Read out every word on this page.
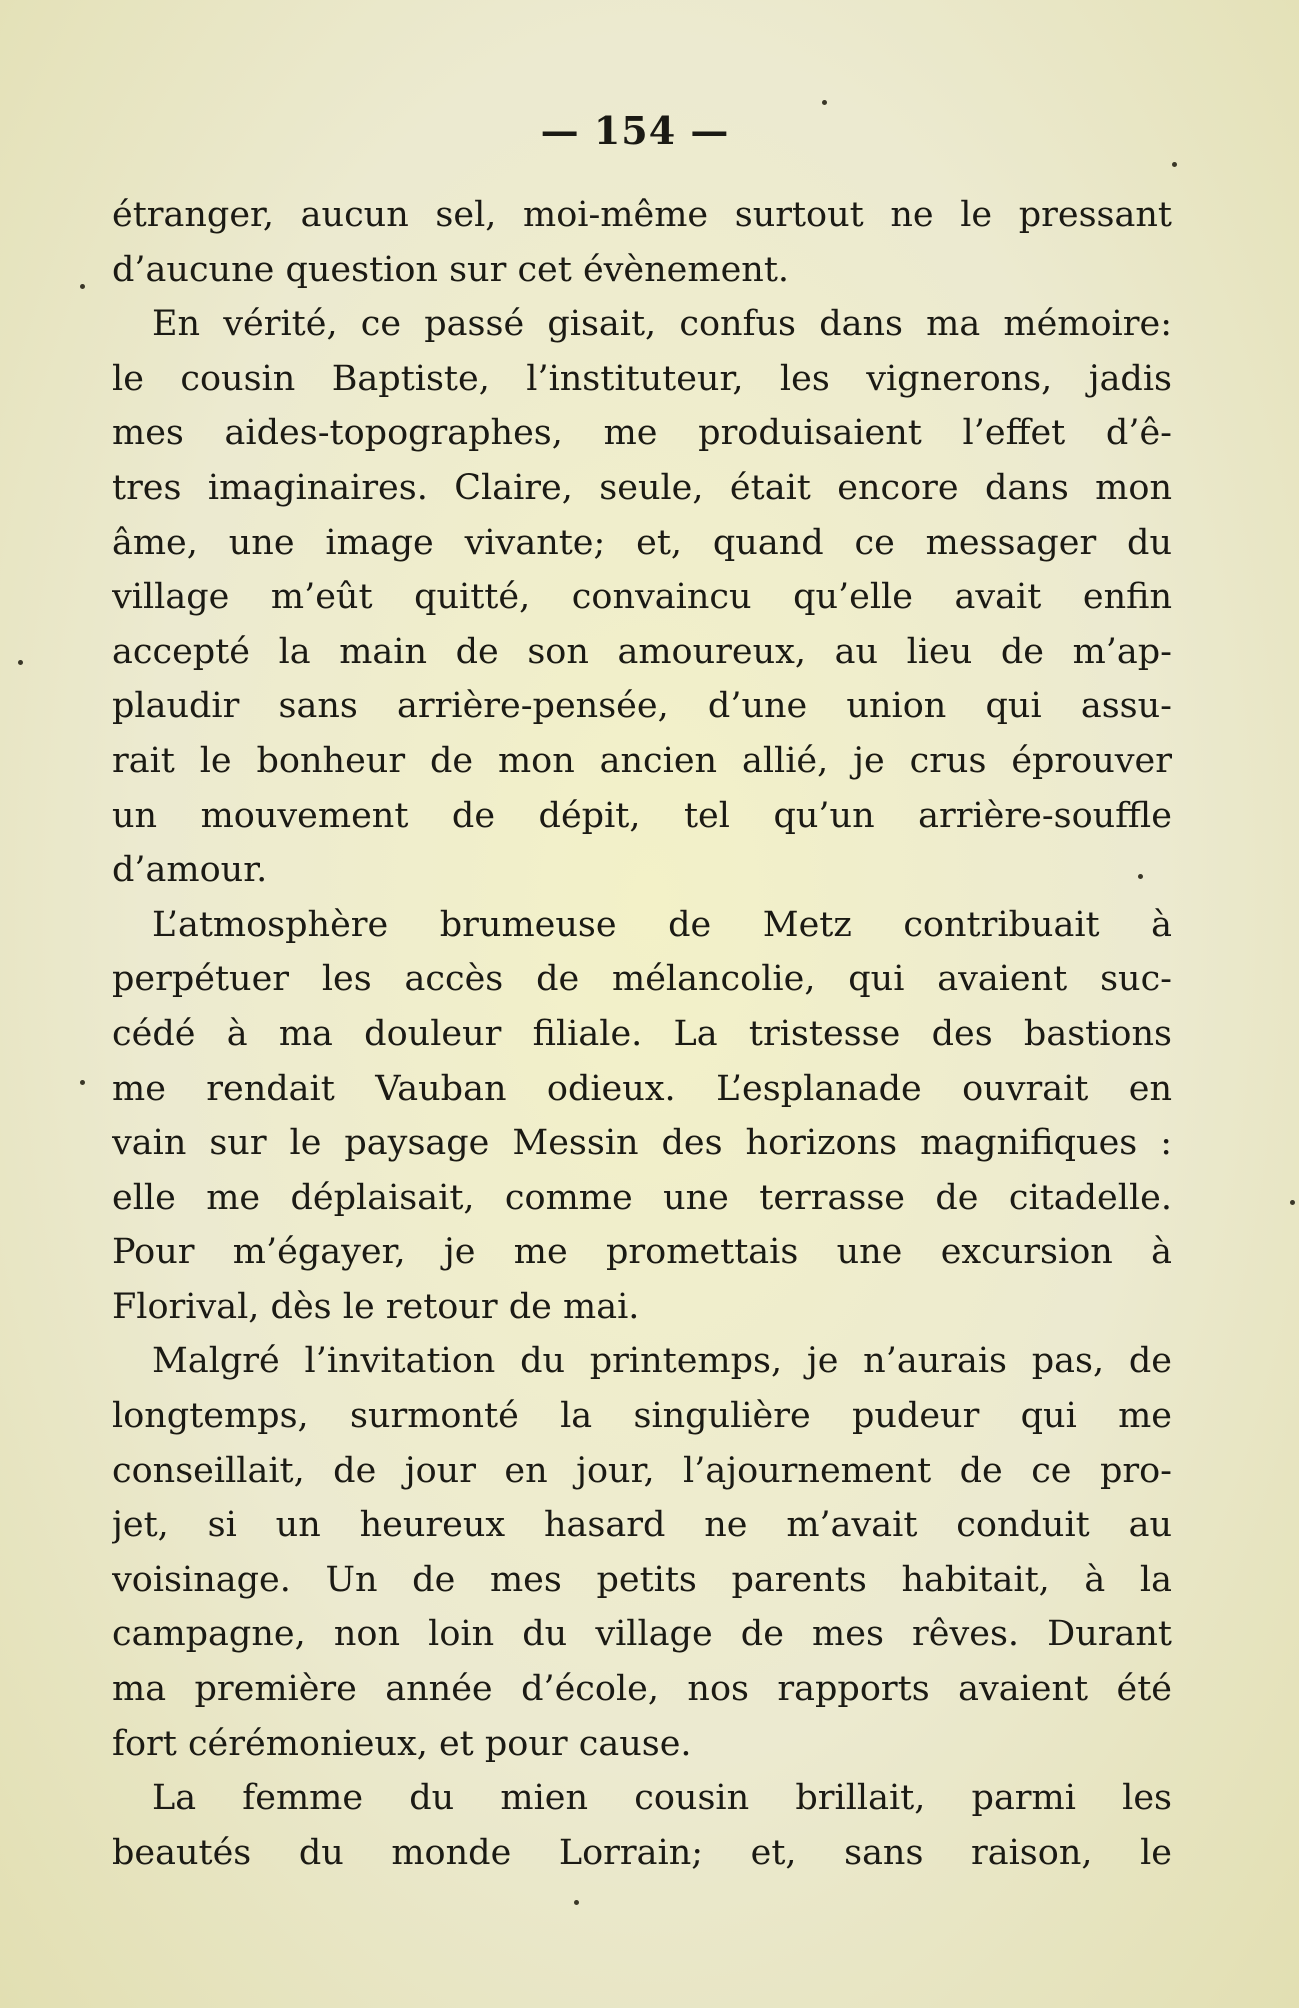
— 154 —
étranger, aucun sel, moi-même surtout ne le pressant
d’aucune question sur cet évènement.
En vérité, ce passé gisait, confus dans ma mémoire:
le cousin Baptiste, l’instituteur, les vignerons, jadis
mes aides-topographes, me produisaient l’effet d’ê-
tres imaginaires. Claire, seule, était encore dans mon
âme, une image vivante; et, quand ce messager du
village m’eût quitté, convaincu qu’elle avait enfin
accepté la main de son amoureux, au lieu de m’ap-
plaudir sans arrière-pensée, d’une union qui assu-
rait le bonheur de mon ancien allié, je crus éprouver
un mouvement de dépit, tel qu’un arrière-souffle
d’amour.
L’atmosphère brumeuse de Metz contribuait à
perpétuer les accès de mélancolie, qui avaient suc-
cédé à ma douleur filiale. La tristesse des bastions
me rendait Vauban odieux. L’esplanade ouvrait en
vain sur le paysage Messin des horizons magnifiques :
elle me déplaisait, comme une terrasse de citadelle.
Pour m’égayer, je me promettais une excursion à
Florival, dès le retour de mai.
Malgré l’invitation du printemps, je n’aurais pas, de
longtemps, surmonté la singulière pudeur qui me
conseillait, de jour en jour, l’ajournement de ce pro-
jet, si un heureux hasard ne m’avait conduit au
voisinage. Un de mes petits parents habitait, à la
campagne, non loin du village de mes rêves. Durant
ma première année d’école, nos rapports avaient été
fort cérémonieux, et pour cause.
La femme du mien cousin brillait, parmi les
beautés du monde Lorrain; et, sans raison, le
